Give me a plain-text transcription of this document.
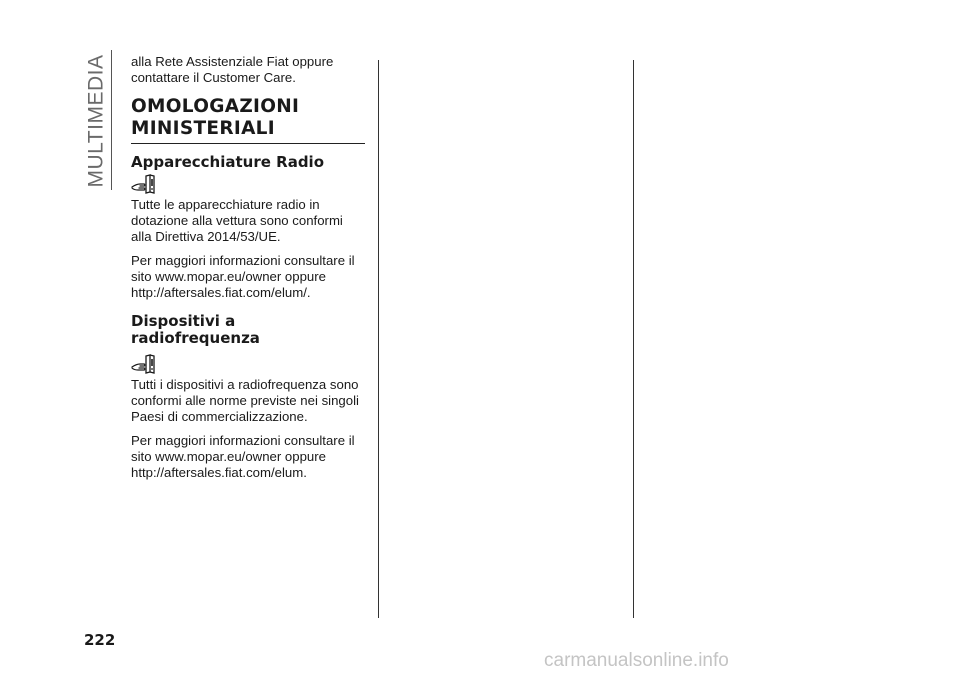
MULTIMEDIA alla Rete Assistenziale Fiat oppure contattare il Customer Care.

OMOLOGAZIONI
MINISTERIALI
Apparecchiature Radio

Tutte le apparecchiature radio in dotazione alla vettura sono conformi alla Direttiva 2014/53/UE.

Per maggiori informazioni consultare il sito www.mopar.eu/owner oppure http://aftersales.fiat.com/elum/.

Dispositivi a
radiofrequenza

Tutti i dispositivi a radiofrequenza sono conformi alle norme previste nei singoli Paesi di commercializzazione.

Per maggiori informazioni consultare il sito www.mopar.eu/owner oppure http://aftersales.fiat.com/elum.

222
carmanualsonline.info
